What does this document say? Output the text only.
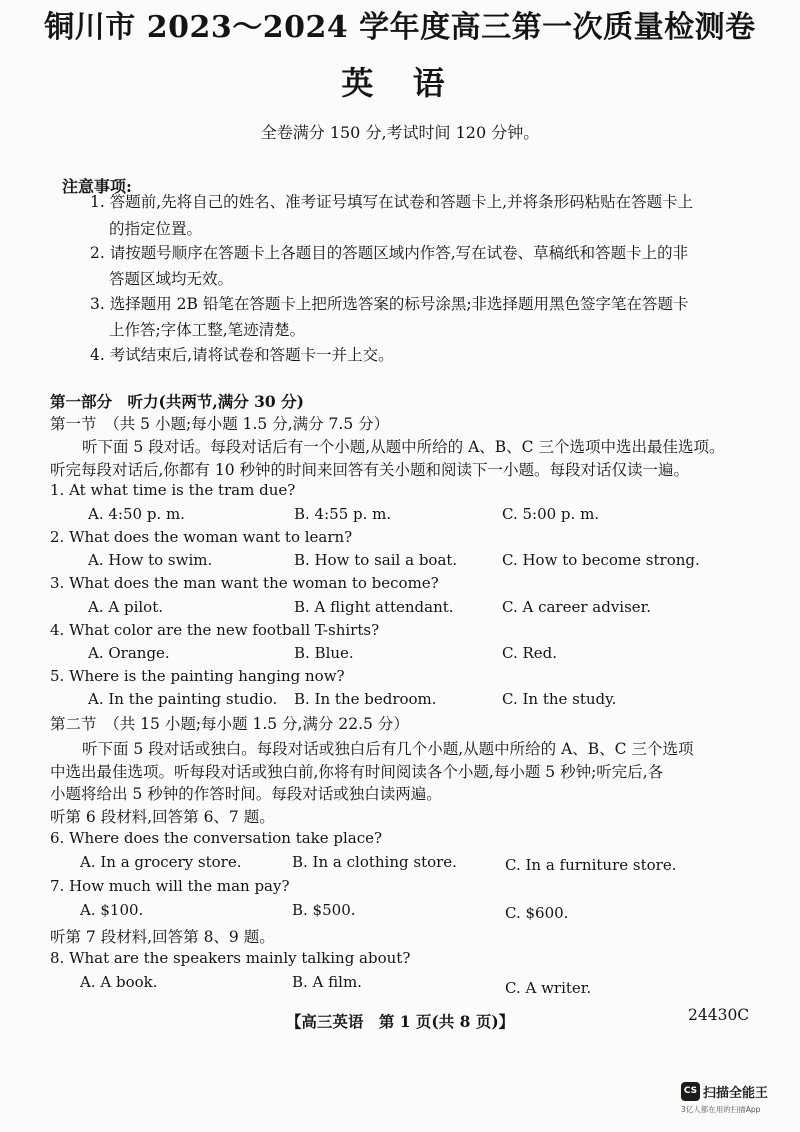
铜川市 2023～2024 学年度高三第一次质量检测卷
英 语
全卷满分 150 分,考试时间 120 分钟。
注意事项:
1. 答题前,先将自己的姓名、准考证号填写在试卷和答题卡上,并将条形码粘贴在答题卡上
的指定位置。
2. 请按题号顺序在答题卡上各题目的答题区域内作答,写在试卷、草稿纸和答题卡上的非
答题区域均无效。
3. 选择题用 2B 铅笔在答题卡上把所选答案的标号涂黑;非选择题用黑色签字笔在答题卡
上作答;字体工整,笔迹清楚。
4. 考试结束后,请将试卷和答题卡一并上交。
第一部分　听力(共两节,满分 30 分)
第一节　（共 5 小题;每小题 1.5 分,满分 7.5 分）
听下面 5 段对话。每段对话后有一个小题,从题中所给的 A、B、C 三个选项中选出最佳选项。
听完每段对话后,你都有 10 秒钟的时间来回答有关小题和阅读下一小题。每段对话仅读一遍。
1. At what time is the tram due?
A. 4:50 p. m.	B. 4:55 p. m.	C. 5:00 p. m.
2. What does the woman want to learn?
A. How to swim.	B. How to sail a boat.	C. How to become strong.
3. What does the man want the woman to become?
A. A pilot.	B. A flight attendant.	C. A career adviser.
4. What color are the new football T-shirts?
A. Orange.	B. Blue.	C. Red.
5. Where is the painting hanging now?
A. In the painting studio. B. In the bedroom.	C. In the study.
第二节　（共 15 小题;每小题 1.5 分,满分 22.5 分）
听下面 5 段对话或独白。每段对话或独白后有几个小题,从题中所给的 A、B、C 三个选项
中选出最佳选项。听每段对话或独白前,你将有时间阅读各个小题,每小题 5 秒钟;听完后,各
小题将给出 5 秒钟的作答时间。每段对话或独白读两遍。
听第 6 段材料,回答第 6、7 题。
6. Where does the conversation take place?
A. In a grocery store.	B. In a clothing store.	C. In a furniture store.
7. How much will the man pay?
A. $100.	B. $500.	C. $600.
听第 7 段材料,回答第 8、9 题。
8. What are the speakers mainly talking about?
A. A book.	B. A film.	C. A writer.
【高三英语　第 1 页(共 8 页)】	24430C
CS 扫描全能王
3亿人都在用的扫描App
